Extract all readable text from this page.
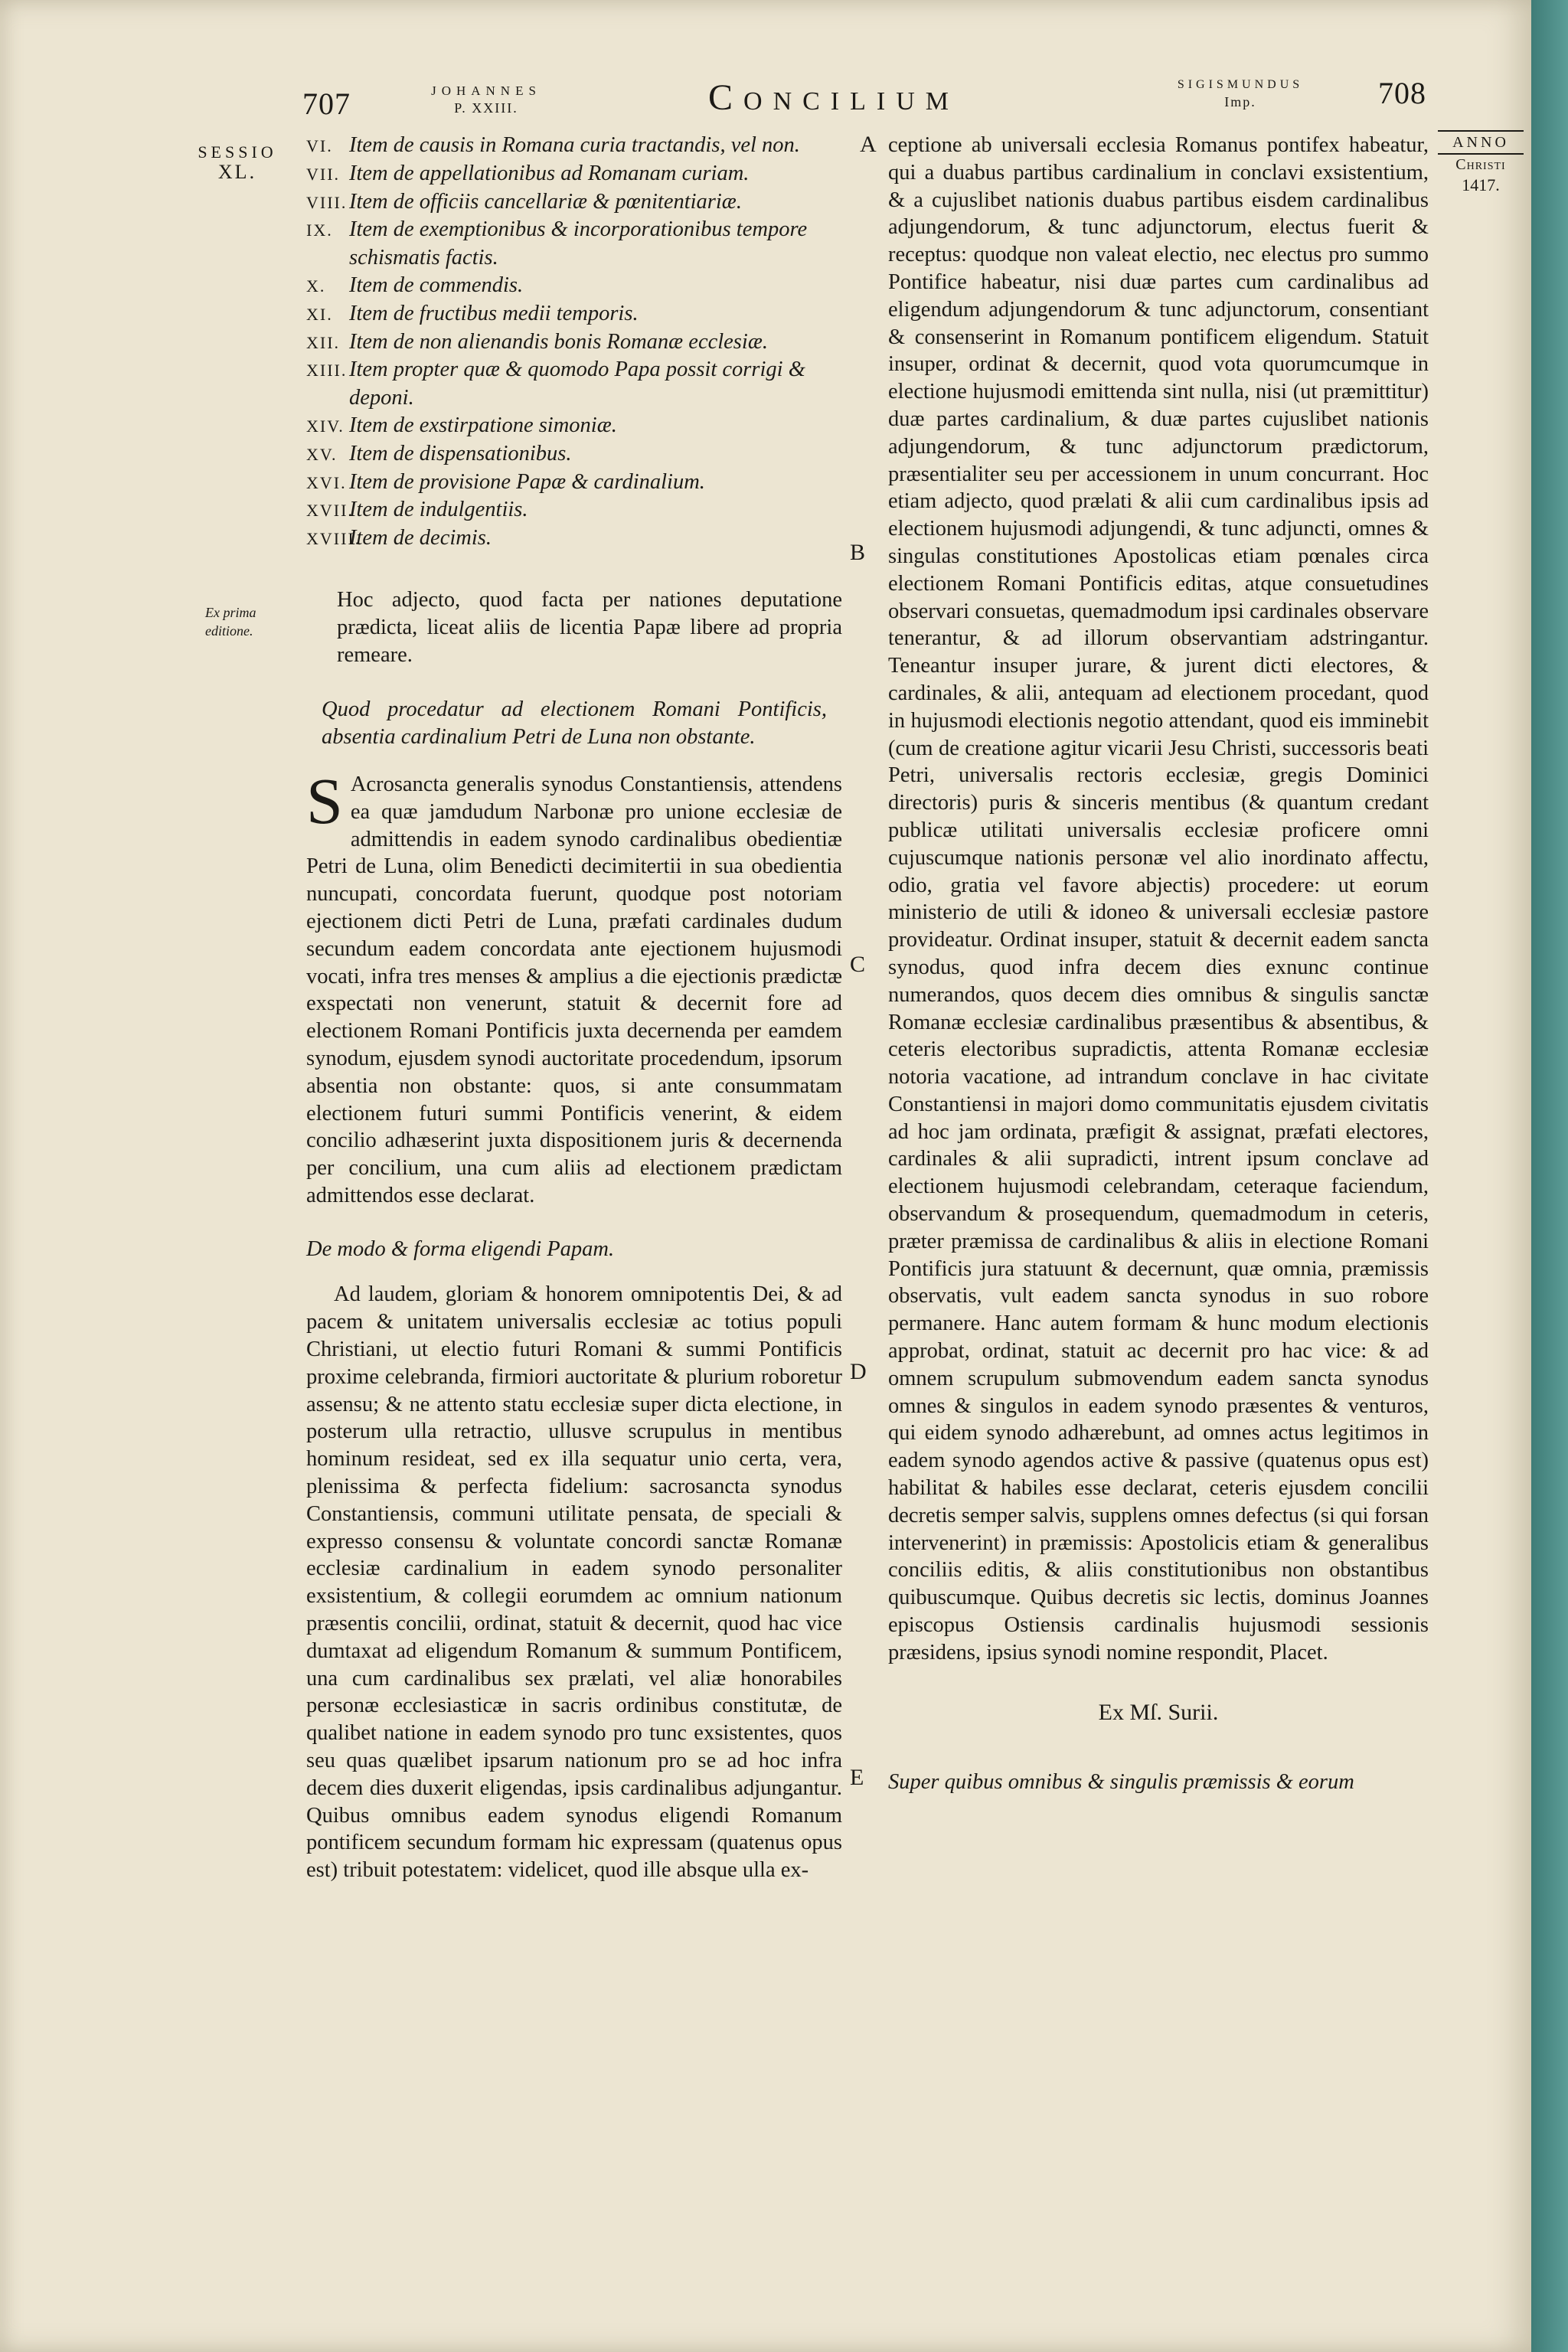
707	JOHANNES
P. XXIII.	Concilium	SIGISMUNDUS
Imp.	708
SESSIO
XL.
Ex prima editione.
ANNO
Christi
1417.
A
B
C
D
E
VI. Item de causis in Romana curia tractandis, vel non.
VII. Item de appellationibus ad Romanam curiam.
VIII.Item de officiis cancellariæ & pœnitentiariæ.
IX. Item de exemptionibus & incorporationibus tempore schismatis factis.
X. Item de commendis.
XI. Item de fructibus medii temporis.
XII. Item de non alienandis bonis Romanæ ecclesiæ.
XIII.Item propter quæ & quomodo Papa possit corrigi & deponi.
XIV. Item de exstirpatione simoniæ.
XV. Item de dispensationibus.
XVI. Item de provisione Papæ & cardinalium.
XVII.Item de indulgentiis.
XVIII.Item de decimis.

Hoc adjecto, quod facta per nationes deputatione prædicta, liceat aliis de licentia Papæ libere ad propria remeare.

Quod procedatur ad electionem Romani Pontificis, absentia cardinalium Petri de Luna non obstante.

S Acrosancta generalis synodus Constantiensis, attendens ea quæ jamdudum Narbonæ pro unione ecclesiæ de admittendis in eadem synodo cardinalibus obedientiæ Petri de Luna, olim Benedicti decimitertii in sua obedientia nuncupati, concordata fuerunt, quodque post notoriam ejectionem dicti Petri de Luna, præfati cardinales dudum secundum eadem concordata ante ejectionem hujusmodi vocati, infra tres menses & amplius a die ejectionis prædictæ exspectati non venerunt, statuit & decernit fore ad electionem Romani Pontificis juxta decernenda per eamdem synodum, ejusdem synodi auctoritate procedendum, ipsorum absentia non obstante: quos, si ante consummatam electionem futuri summi Pontificis venerint, & eidem concilio adhæserint juxta dispositionem juris & decernenda per concilium, una cum aliis ad electionem prædictam admittendos esse declarat.

De modo & forma eligendi Papam.

Ad laudem, gloriam & honorem omnipotentis Dei, & ad pacem & unitatem universalis ecclesiæ ac totius populi Christiani, ut electio futuri Romani & summi Pontificis proxime celebranda, firmiori auctoritate & plurium roboretur assensu; & ne attento statu ecclesiæ super dicta electione, in posterum ulla retractio, ullusve scrupulus in mentibus hominum resideat, sed ex illa sequatur unio certa, vera, plenissima & perfecta fidelium: sacrosancta synodus Constantiensis, communi utilitate pensata, de speciali & expresso consensu & voluntate concordi sanctæ Romanæ ecclesiæ cardinalium in eadem synodo personaliter exsistentium, & collegii eorumdem ac omnium nationum præsentis concilii, ordinat, statuit & decernit, quod hac vice dumtaxat ad eligendum Romanum & summum Pontificem, una cum cardinalibus sex prælati, vel aliæ honorabiles personæ ecclesiasticæ in sacris ordinibus constitutæ, de qualibet natione in eadem synodo pro tunc exsistentes, quos seu quas quælibet ipsarum nationum pro se ad hoc infra decem dies duxerit eligendas, ipsis cardinalibus adjungantur. Quibus omnibus eadem synodus eligendi Romanum pontificem secundum formam hic expressam (quatenus opus est) tribuit potestatem: videlicet, quod ille absque ulla ex-

ceptione ab universali ecclesia Romanus pontifex habeatur, qui a duabus partibus cardinalium in conclavi exsistentium, & a cujuslibet nationis duabus partibus eisdem cardinalibus adjungendorum, & tunc adjunctorum, electus fuerit & receptus: quodque non valeat electio, nec electus pro summo Pontifice habeatur, nisi duæ partes cum cardinalibus ad eligendum adjungendorum & tunc adjunctorum, consentiant & consenserint in Romanum pontificem eligendum. Statuit insuper, ordinat & decernit, quod vota quorumcumque in electione hujusmodi emittenda sint nulla, nisi (ut præmittitur) duæ partes cardinalium, & duæ partes cujuslibet nationis adjungendorum, & tunc adjunctorum prædictorum, præsentialiter seu per accessionem in unum concurrant. Hoc etiam adjecto, quod prælati & alii cum cardinalibus ipsis ad electionem hujusmodi adjungendi, & tunc adjuncti, omnes & singulas constitutiones Apostolicas etiam pœnales circa electionem Romani Pontificis editas, atque consuetudines observari consuetas, quemadmodum ipsi cardinales observare tenerantur, & ad illorum observantiam adstringantur. Teneantur insuper jurare, & jurent dicti electores, & cardinales, & alii, antequam ad electionem procedant, quod in hujusmodi electionis negotio attendant, quod eis imminebit (cum de creatione agitur vicarii Jesu Christi, successoris beati Petri, universalis rectoris ecclesiæ, gregis Dominici directoris) puris & sinceris mentibus (& quantum credant publicæ utilitati universalis ecclesiæ proficere omni cujuscumque nationis personæ vel alio inordinato affectu, odio, gratia vel favore abjectis) procedere: ut eorum ministerio de utili & idoneo & universali ecclesiæ pastore provideatur. Ordinat insuper, statuit & decernit eadem sancta synodus, quod infra decem dies exnunc continue numerandos, quos decem dies omnibus & singulis sanctæ Romanæ ecclesiæ cardinalibus præsentibus & absentibus, & ceteris electoribus supradictis, attenta Romanæ ecclesiæ notoria vacatione, ad intrandum conclave in hac civitate Constantiensi in majori domo communitatis ejusdem civitatis ad hoc jam ordinata, præfigit & assignat, præfati electores, cardinales & alii supradicti, intrent ipsum conclave ad electionem hujusmodi celebrandam, ceteraque faciendum, observandum & prosequendum, quemadmodum in ceteris, præter præmissa de cardinalibus & aliis in electione Romani Pontificis jura statuunt & decernunt, quæ omnia, præmissis observatis, vult eadem sancta synodus in suo robore permanere. Hanc autem formam & hunc modum electionis approbat, ordinat, statuit ac decernit pro hac vice: & ad omnem scrupulum submovendum eadem sancta synodus omnes & singulos in eadem synodo præsentes & venturos, qui eidem synodo adhærebunt, ad omnes actus legitimos in eadem synodo agendos active & passive (quatenus opus est) habilitat & habiles esse declarat, ceteris ejusdem concilii decretis semper salvis, supplens omnes defectus (si qui forsan intervenerint) in præmissis: Apostolicis etiam & generalibus conciliis editis, & aliis constitutionibus non obstantibus quibuscumque. Quibus decretis sic lectis, dominus Joannes episcopus Ostiensis cardinalis hujusmodi sessionis præsidens, ipsius synodi nomine respondit, Placet.

Ex Mſ. Surii.

Super quibus omnibus & singulis præmissis & eorum
